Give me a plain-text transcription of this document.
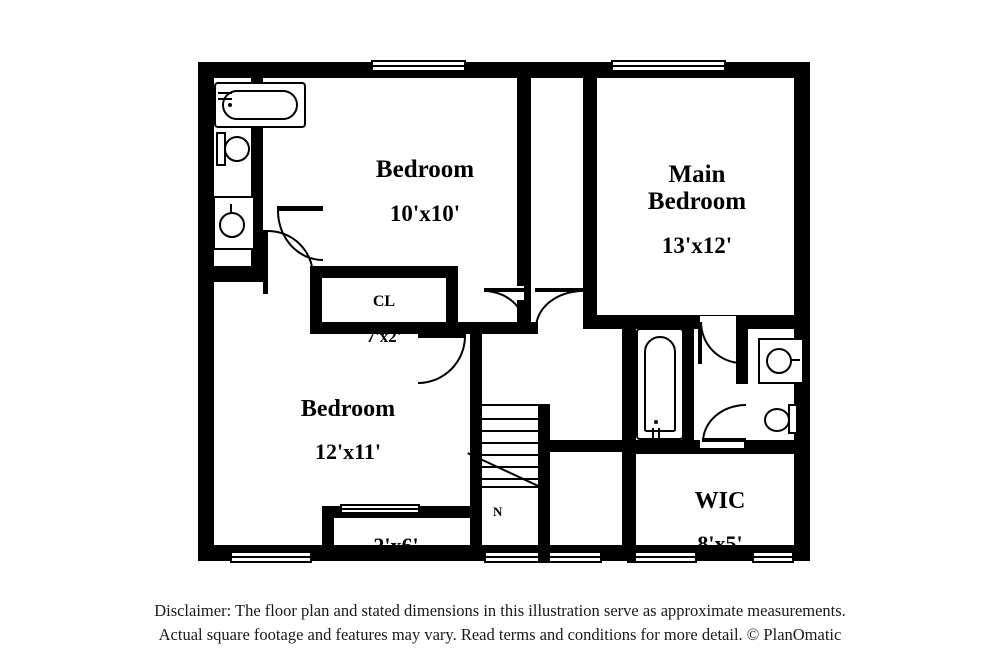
N

Bedroom

10'x10'

Main
Bedroom

13'x12'

CL

7'x2'

Bedroom

12'x11'

WIC

8'x5'

2'x6'

Disclaimer: The floor plan and stated dimensions in this illustration serve as approximate measurements.
Actual square footage and features may vary. Read terms and conditions for more detail. © PlanOmatic
